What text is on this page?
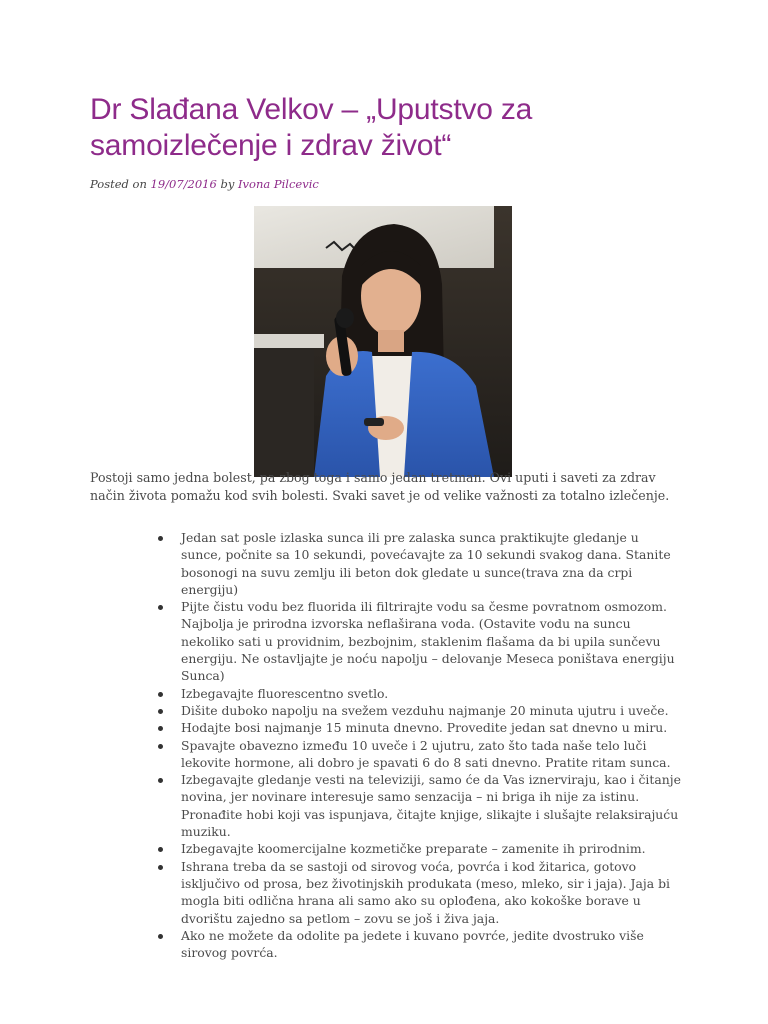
Dr Slađana Velkov – „Uputstvo za samoizlečenje i zdrav život“
Posted on 19/07/2016 by Ivona Pilcevic

Postoji samo jedna bolest, pa zbog toga i samo jedan tretman. Ovi uputi i saveti za zdrav način života pomažu kod svih bolesti. Svaki savet je od velike važnosti za totalno izlečenje.

Jedan sat posle izlaska sunca ili pre zalaska sunca praktikujte gledanje u sunce, počnite sa 10 sekundi, povećavajte za 10 sekundi svakog dana. Stanite bosonogi na suvu zemlju ili beton dok gledate u sunce(trava zna da crpi energiju)
Pijte čistu vodu bez fluorida ili filtrirajte vodu sa česme povratnom osmozom. Najbolja je prirodna izvorska neflaširana voda. (Ostavite vodu na suncu nekoliko sati u providnim, bezbojnim, staklenim flašama da bi upila sunčevu energiju. Ne ostavljajte je noću napolju – delovanje Meseca poništava energiju Sunca)
Izbegavajte fluorescentno svetlo.
Dišite duboko napolju na svežem vezduhu najmanje 20 minuta ujutru i uveče.
Hodajte bosi najmanje 15 minuta dnevno. Provedite jedan sat dnevno u miru.
Spavajte obavezno između 10 uveče i 2 ujutru, zato što tada naše telo luči lekovite hormone, ali dobro je spavati 6 do 8 sati dnevno. Pratite ritam sunca.
Izbegavajte gledanje vesti na televiziji, samo će da Vas iznervirаju, kao i čitanje novina, jer novinare interesuje samo senzacija – ni briga ih nije za istinu. Pronađite hobi koji vas ispunjava, čitajte knjige, slikajte i slušajte relaksirajuću muziku.
Izbegavajte koomercijalne kozmetičke preparate – zamenite ih prirodnim.
Ishrana treba da se sastoji od sirovog voća, povrća i kod žitarica, gotovo isključivo od prosa, bez životinjskih produkata (meso, mleko, sir i jaja). Jaja bi mogla biti odlična hrana ali samo ako su oplođena, ako kokoške borave u dvorištu zajedno sa petlom – zovu se još i živa jaja.
Ako ne možete da odolite pa jedete i kuvano povrće, jedite dvostruko više sirovog povrća.
